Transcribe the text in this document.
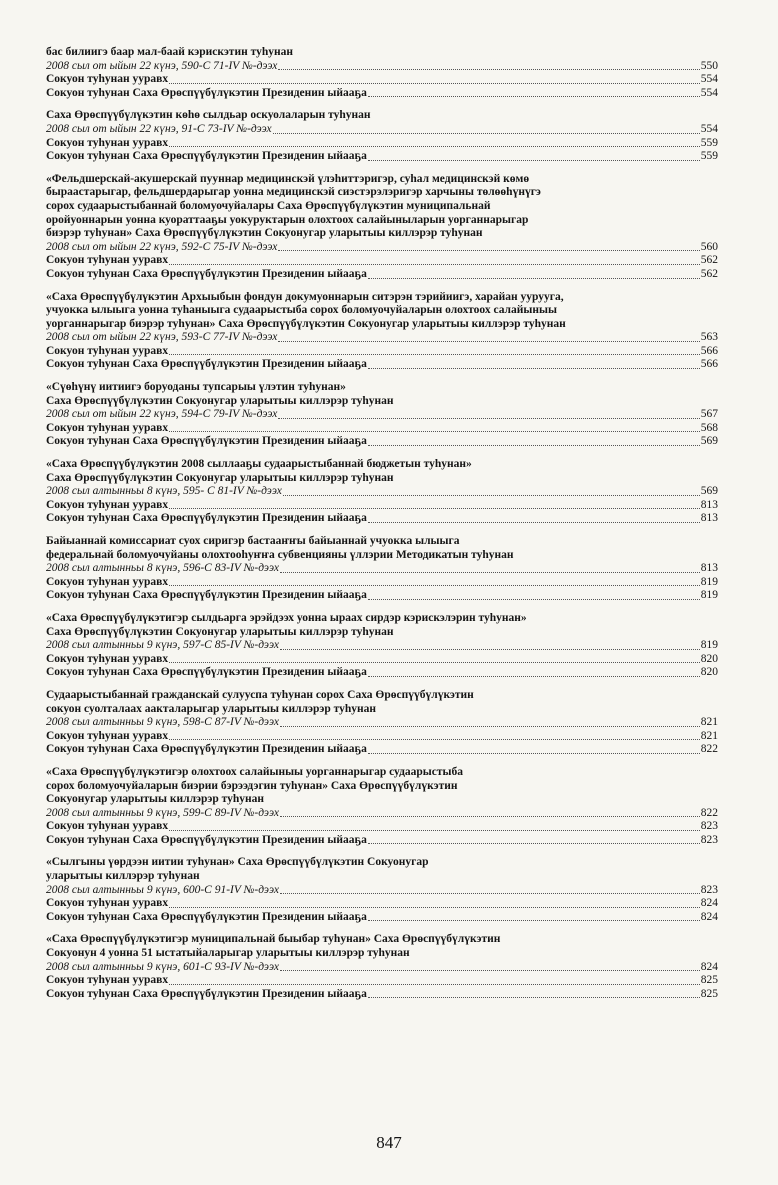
бас билиигэ баар мал-баай кэрискэтин туһунан
2008 сыл от ыйын 22 күнэ, 590-С 71-IV №-дээх	550
Сокуон туһунан ууравх	554
Сокуон туһунан Саха Өрөспүүбүлүкэтин Президенин ыйааҕа	554
Саха Өрөспүүбүлүкэтин көһө сылдьар оскуолаларын туһунан
2008 сыл от ыйын 22 күнэ, 91-С 73-IV №-дээх	554
Сокуон туһунан ууравх	559
Сокуон туһунан Саха Өрөспүүбүлүкэтин Президенин ыйааҕа	559
«Фельдшерскай-акушерскай пууннар медицинскэй үлэһиттэригэр, суһал медицинскэй көмө
быраастарыгар, фельдшердарыгар уонна медицинскэй сиэстэрэлэригэр харчыны төлөөһүнүгэ
сорох судаарыстыбаннай боломуочуйалары Саха Өрөспүүбүлүкэтин муниципальнай
оройуоннарын уонна куораттааҕы уокуруктарын олохтоох салайыныларын уорганнарыгар
биэрэр туһунан» Саха Өрөспүүбүлүкэтин Сокуонугар уларытыы киллэрэр туһунан
2008 сыл от ыйын 22 күнэ, 592-С 75-IV №-дээх	560
Сокуон туһунан ууравх	562
Сокуон туһунан Саха Өрөспүүбүлүкэтин Президенин ыйааҕа	562
«Саха Өрөспүүбүлүкэтин Архыыбын фондун докумуоннарын ситэрэн тэрийиигэ, харайан уурууга,
учуокка ылыыга уонна туһаныыга судаарыстыба сорох боломуочуйаларын олохтоох салайыныы
уорганнарыгар биэрэр туһунан» Саха Өрөспүүбүлүкэтин Сокуонугар уларытыы киллэрэр туһунан
2008 сыл от ыйын 22 күнэ, 593-С 77-IV №-дээх	563
Сокуон туһунан ууравх	566
Сокуон туһунан Саха Өрөспүүбүлүкэтин Президенин ыйааҕа	566
«Сүөһүнү иитиигэ боруоданы тупсарыы үлэтин туһунан»
Саха Өрөспүүбүлүкэтин Сокуонугар уларытыы киллэрэр туһунан
2008 сыл от ыйын 22 күнэ, 594-С 79-IV №-дээх	567
Сокуон туһунан ууравх	568
Сокуон туһунан Саха Өрөспүүбүлүкэтин Президенин ыйааҕа	569
«Саха Өрөспүүбүлүкэтин 2008 сыллааҕы судаарыстыбаннай бюджетын туһунан»
Саха Өрөспүүбүлүкэтин Сокуонугар уларытыы киллэрэр туһунан
2008 сыл алтынньы 8 күнэ, 595- С 81-IV №-дээх	569
Сокуон туһунан ууравх	813
Сокуон туһунан Саха Өрөспүүбүлүкэтин Президенин ыйааҕа	813
Байыаннай комиссариат суох сиригэр бастааҥҥы байыаннай учуокка ылыыга
федеральнай боломуочуйаны олохтооһуҥҥа субвенцияны үллэрии Методикатын туһунан
2008 сыл алтынньы 8 күнэ, 596-С 83-IV №-дээх	813
Сокуон туһунан ууравх	819
Сокуон туһунан Саха Өрөспүүбүлүкэтин Президенин ыйааҕа	819
«Саха Өрөспүүбүлүкэтигэр сылдьарга эрэйдээх уонна ыраах сирдэр кэрискэлэрин туһунан»
Саха Өрөспүүбүлүкэтин Сокуонугар уларытыы киллэрэр туһунан
2008 сыл алтынньы 9 күнэ, 597-С 85-IV №-дээх	819
Сокуон туһунан ууравх	820
Сокуон туһунан Саха Өрөспүүбүлүкэтин Президенин ыйааҕа	820
Судаарыстыбаннай гражданскай сулууспа туһунан сорох Саха Өрөспүүбүлүкэтин
сокуон суолталаах аакталарыгар уларытыы киллэрэр туһунан
2008 сыл алтынньы 9 күнэ, 598-С 87-IV №-дээх	821
Сокуон туһунан ууравх	821
Сокуон туһунан Саха Өрөспүүбүлүкэтин Президенин ыйааҕа	822
«Саха Өрөспүүбүлүкэтигэр олохтоох салайыныы уорганнарыгар судаарыстыба
сорох боломуочуйаларын биэрии бэрээдэгин туһунан» Саха Өрөспүүбүлүкэтин
Сокуонугар уларытыы киллэрэр туһунан
2008 сыл алтынньы 9 күнэ, 599-С 89-IV №-дээх	822
Сокуон туһунан ууравх	823
Сокуон туһунан Саха Өрөспүүбүлүкэтин Президенин ыйааҕа	823
«Сылгыны үөрдээн иитии туһунан» Саха Өрөспүүбүлүкэтин Сокуонугар
уларытыы киллэрэр туһунан
2008 сыл алтынньы 9 күнэ, 600-С 91-IV №-дээх	823
Сокуон туһунан ууравх	824
Сокуон туһунан Саха Өрөспүүбүлүкэтин Президенин ыйааҕа	824
«Саха Өрөспүүбүлүкэтигэр муниципальнай быыбар туһунан» Саха Өрөспүүбүлүкэтин
Сокуонун 4 уонна 51 ыстатыйаларыгар уларытыы киллэрэр туһунан
2008 сыл алтынньы 9 күнэ, 601-С 93-IV №-дээх	824
Сокуон туһунан ууравх	825
Сокуон туһунан Саха Өрөспүүбүлүкэтин Президенин ыйааҕа	825
847
